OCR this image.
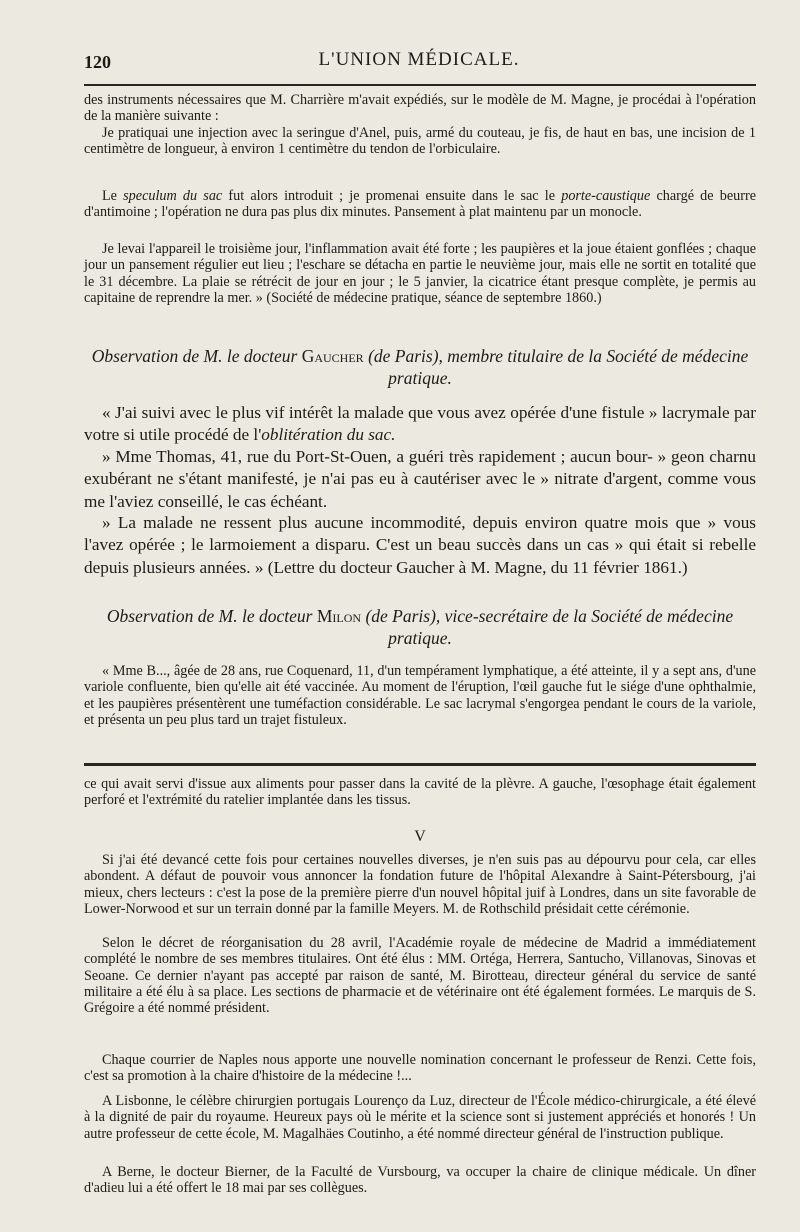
120	L'UNION MÉDICALE.

des instruments nécessaires que M. Charrière m'avait expédiés, sur le modèle de M. Magne, je procédai à l'opération de la manière suivante :

Je pratiquai une injection avec la seringue d'Anel, puis, armé du couteau, je fis, de haut en bas, une incision de 1 centimètre de longueur, à environ 1 centimètre du tendon de l'orbiculaire.

Le speculum du sac fut alors introduit ; je promenai ensuite dans le sac le porte-caustique chargé de beurre d'antimoine ; l'opération ne dura pas plus dix minutes. Pansement à plat maintenu par un monocle.

Je levai l'appareil le troisième jour, l'inflammation avait été forte ; les paupières et la joue étaient gonflées ; chaque jour un pansement régulier eut lieu ; l'eschare se détacha en partie le neuvième jour, mais elle ne sortit en totalité que le 31 décembre. La plaie se rétrécit de jour en jour ; le 5 janvier, la cicatrice étant presque complète, je permis au capitaine de reprendre la mer. » (Société de médecine pratique, séance de septembre 1860.)

Observation de M. le docteur Gaucher (de Paris), membre titulaire de la Société de médecine pratique.

« J'ai suivi avec le plus vif intérêt la malade que vous avez opérée d'une fistule » lacrymale par votre si utile procédé de l'oblitération du sac.

» Mme Thomas, 41, rue du Port-St-Ouen, a guéri très rapidement ; aucun bour- » geon charnu exubérant ne s'étant manifesté, je n'ai pas eu à cautériser avec le » nitrate d'argent, comme vous me l'aviez conseillé, le cas échéant.

» La malade ne ressent plus aucune incommodité, depuis environ quatre mois que » vous l'avez opérée ; le larmoiement a disparu. C'est un beau succès dans un cas » qui était si rebelle depuis plusieurs années. » (Lettre du docteur Gaucher à M. Magne, du 11 février 1861.)

Observation de M. le docteur Milon (de Paris), vice-secrétaire de la Société de médecine pratique.

« Mme B..., âgée de 28 ans, rue Coquenard, 11, d'un tempérament lymphatique, a été atteinte, il y a sept ans, d'une variole confluente, bien qu'elle ait été vaccinée. Au moment de l'éruption, l'œil gauche fut le siége d'une ophthalmie, et les paupières présentèrent une tuméfaction considérable. Le sac lacrymal s'engorgea pendant le cours de la variole, et présenta un peu plus tard un trajet fistuleux.

ce qui avait servi d'issue aux aliments pour passer dans la cavité de la plèvre. A gauche, l'œsophage était également perforé et l'extrémité du ratelier implantée dans les tissus.

V

Si j'ai été devancé cette fois pour certaines nouvelles diverses, je n'en suis pas au dépourvu pour cela, car elles abondent. A défaut de pouvoir vous annoncer la fondation future de l'hôpital Alexandre à Saint-Pétersbourg, j'ai mieux, chers lecteurs : c'est la pose de la première pierre d'un nouvel hôpital juif à Londres, dans un site favorable de Lower-Norwood et sur un terrain donné par la famille Meyers. M. de Rothschild présidait cette cérémonie.

Selon le décret de réorganisation du 28 avril, l'Académie royale de médecine de Madrid a immédiatement complété le nombre de ses membres titulaires. Ont été élus : MM. Ortéga, Herrera, Santucho, Villanovas, Sinovas et Seoane. Ce dernier n'ayant pas accepté par raison de santé, M. Birotteau, directeur général du service de santé militaire a été élu à sa place. Les sections de pharmacie et de vétérinaire ont été également formées. Le marquis de S. Grégoire a été nommé président.

Chaque courrier de Naples nous apporte une nouvelle nomination concernant le professeur de Renzi. Cette fois, c'est sa promotion à la chaire d'histoire de la médecine !...

A Lisbonne, le célèbre chirurgien portugais Lourenço da Luz, directeur de l'École médico-chirurgicale, a été élevé à la dignité de pair du royaume. Heureux pays où le mérite et la science sont si justement appréciés et honorés ! Un autre professeur de cette école, M. Magalhäes Coutinho, a été nommé directeur général de l'instruction publique.

A Berne, le docteur Bierner, de la Faculté de Vursbourg, va occuper la chaire de clinique médicale. Un dîner d'adieu lui a été offert le 18 mai par ses collègues.
